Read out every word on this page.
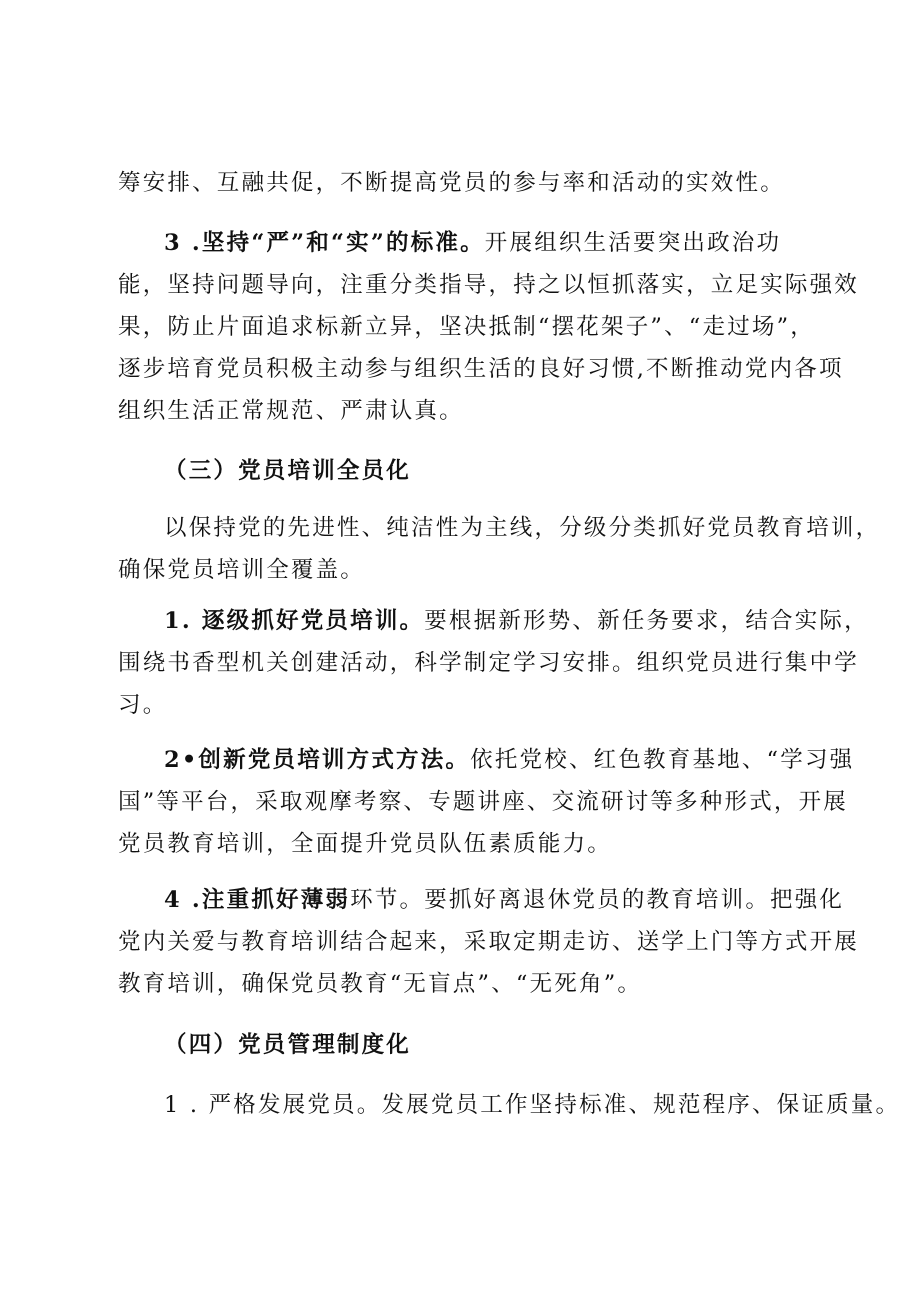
筹安排、互融共促，不断提高党员的参与率和活动的实效性。
3 .坚持“严”和“实”的标准。开展组织生活要突出政治功
能，坚持问题导向，注重分类指导，持之以恒抓落实，立足实际强效
果，防止片面追求标新立异，坚决抵制“摆花架子”、“走过场”，
逐步培育党员积极主动参与组织生活的良好习惯,不断推动党内各项
组织生活正常规范、严肃认真。
（三）党员培训全员化
以保持党的先进性、纯洁性为主线，分级分类抓好党员教育培训，
确保党员培训全覆盖。
1. 逐级抓好党员培训。要根据新形势、新任务要求，结合实际，
围绕书香型机关创建活动，科学制定学习安排。组织党员进行集中学
习。
2•创新党员培训方式方法。依托党校、红色教育基地、“学习强
国”等平台，采取观摩考察、专题讲座、交流研讨等多种形式，开展
党员教育培训，全面提升党员队伍素质能力。
4 .注重抓好薄弱环节。要抓好离退休党员的教育培训。把强化
党内关爱与教育培训结合起来，采取定期走访、送学上门等方式开展
教育培训，确保党员教育“无盲点”、“无死角”。
（四）党员管理制度化
1 . 严格发展党员。发展党员工作坚持标准、规范程序、保证质量。
